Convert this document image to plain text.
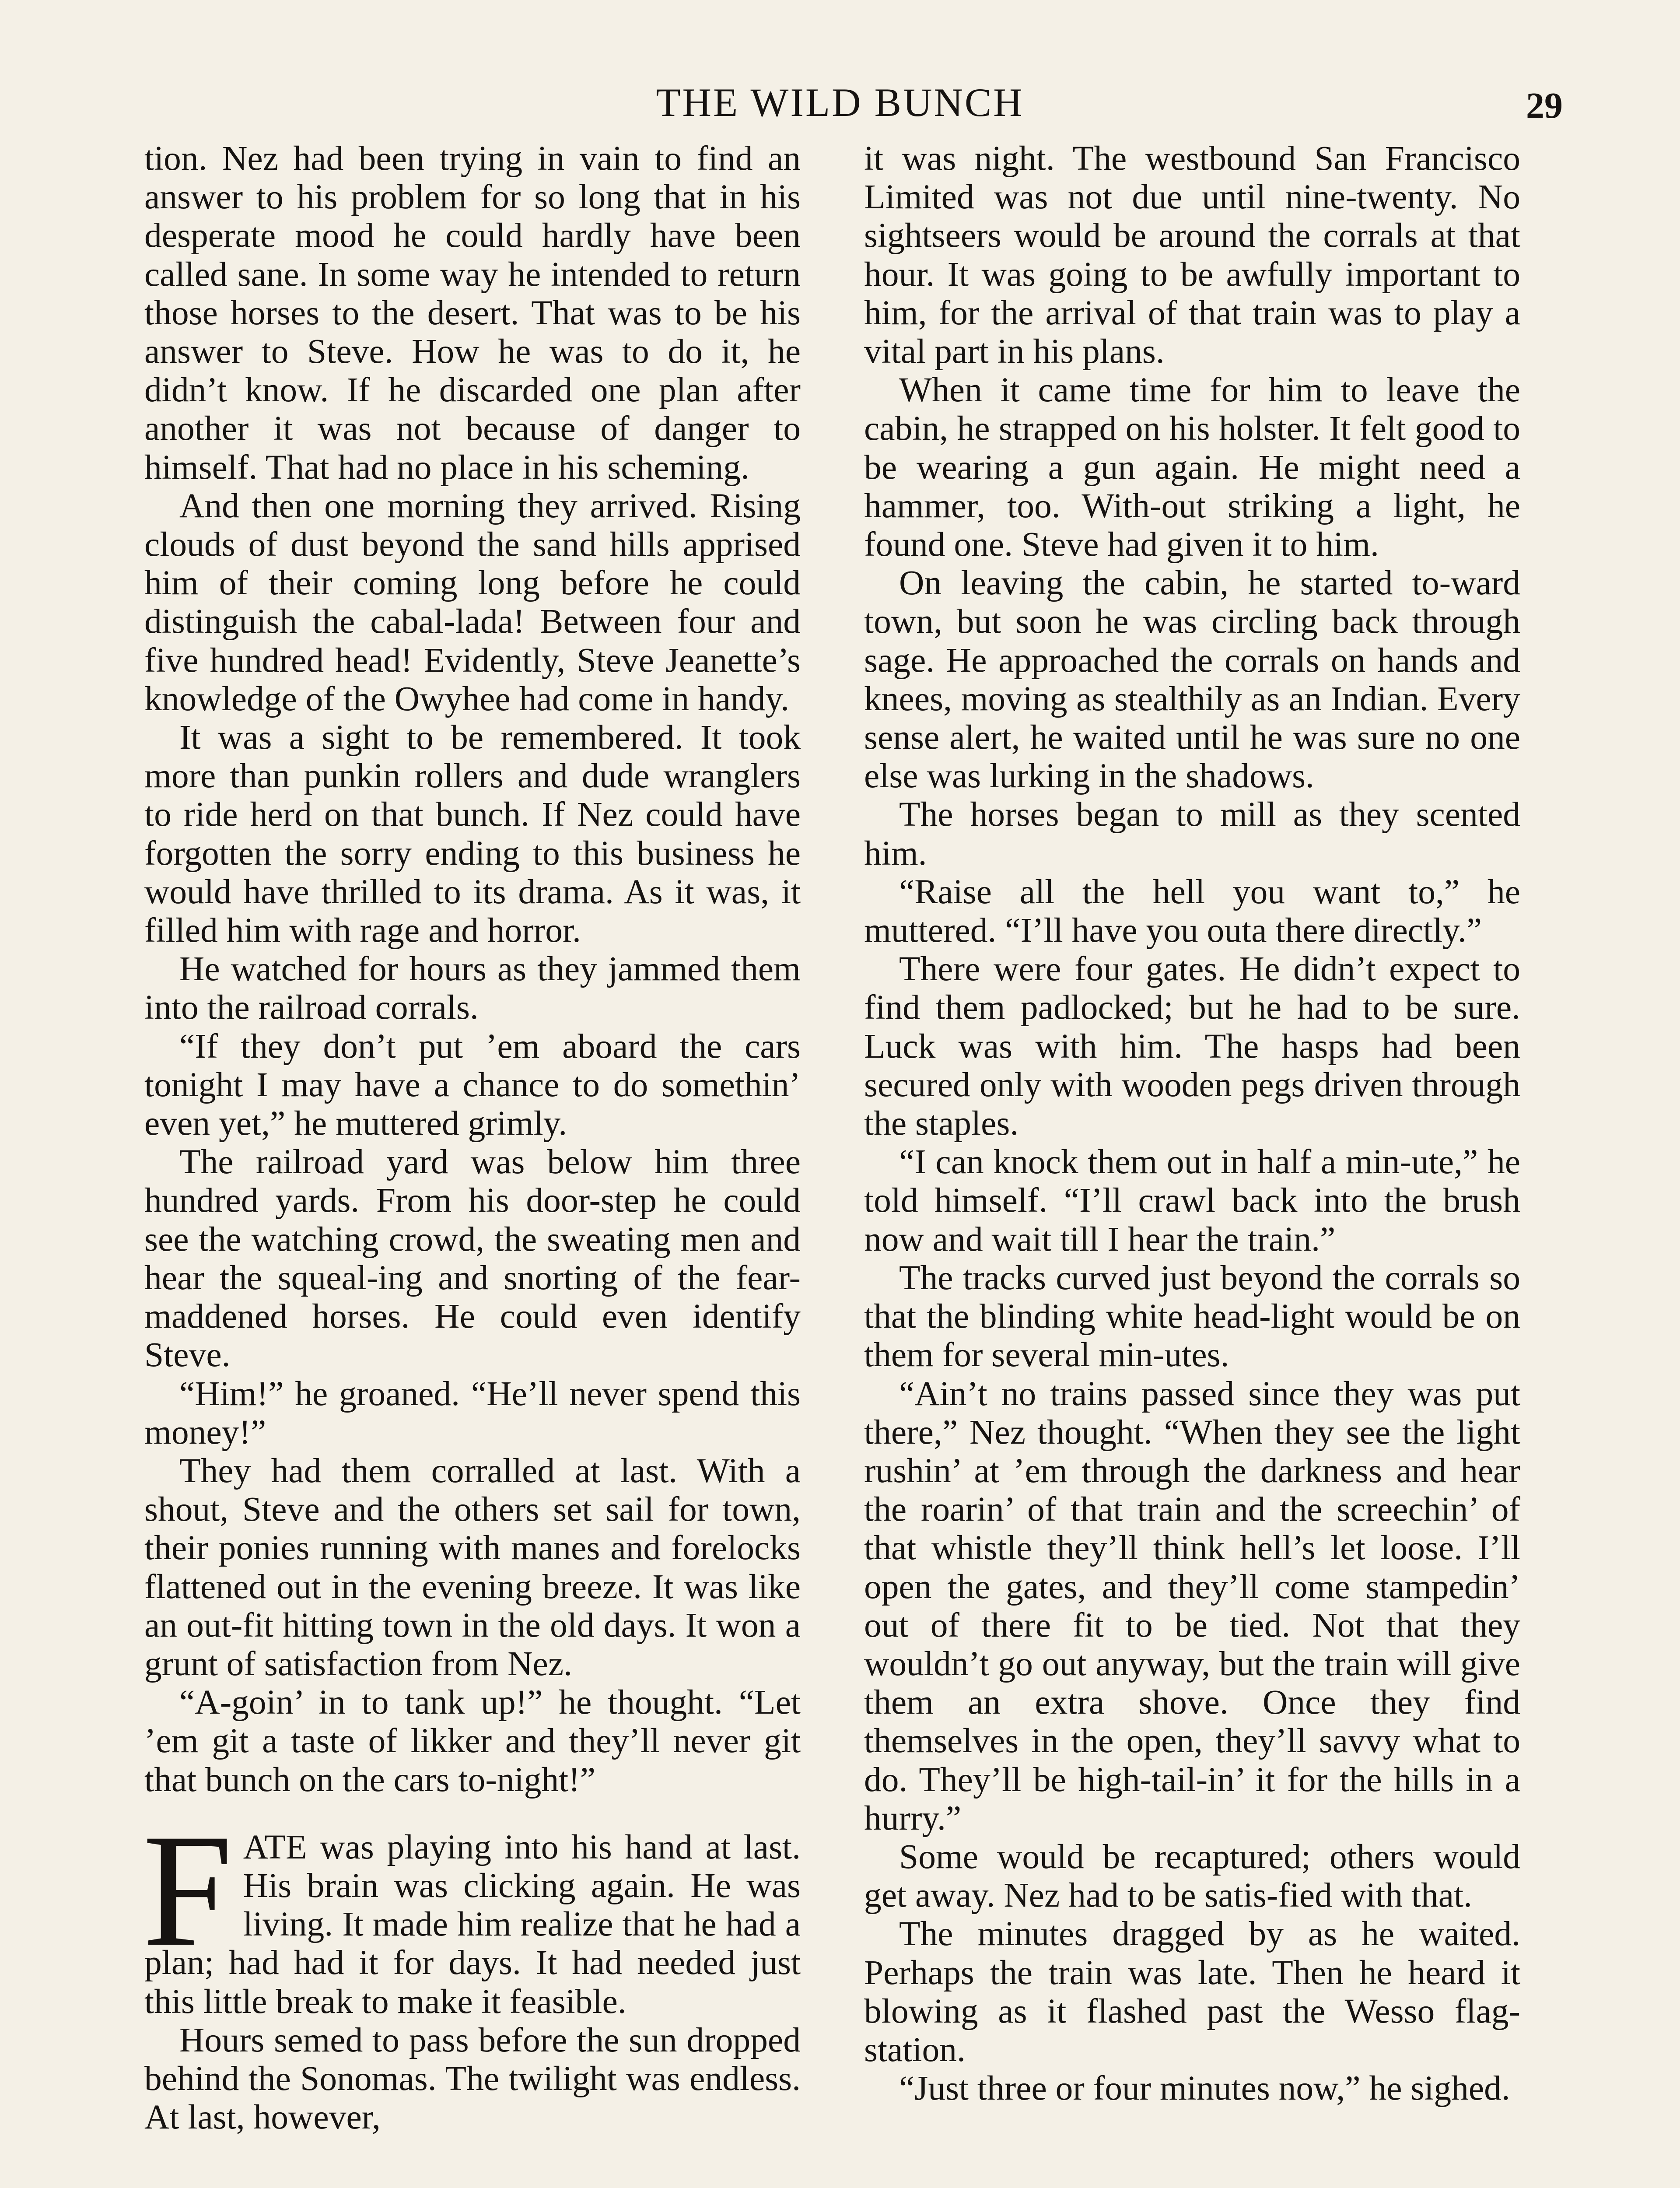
THE WILD BUNCH	29

tion. Nez had been trying in vain to find an answer to his problem for so long that in his desperate mood he could hardly have been called sane. In some way he intended to return those horses to the desert. That was to be his answer to Steve. How he was to do it, he didn’t know. If he discarded one plan after another it was not because of danger to himself. That had no place in his scheming.

And then one morning they arrived. Rising clouds of dust beyond the sand hills apprised him of their coming long before he could distinguish the cabal-lada! Between four and five hundred head! Evidently, Steve Jeanette’s knowledge of the Owyhee had come in handy.

It was a sight to be remembered. It took more than punkin rollers and dude wranglers to ride herd on that bunch. If Nez could have forgotten the sorry ending to this business he would have thrilled to its drama. As it was, it filled him with rage and horror.

He watched for hours as they jammed them into the railroad corrals.

“If they don’t put ’em aboard the cars tonight I may have a chance to do somethin’ even yet,” he muttered grimly.

The railroad yard was below him three hundred yards. From his door-step he could see the watching crowd, the sweating men and hear the squeal-ing and snorting of the fear-maddened horses. He could even identify Steve.

“Him!” he groaned. “He’ll never spend this money!”

They had them corralled at last. With a shout, Steve and the others set sail for town, their ponies running with manes and forelocks flattened out in the evening breeze. It was like an out-fit hitting town in the old days. It won a grunt of satisfaction from Nez.

“A-goin’ in to tank up!” he thought. “Let ’em git a taste of likker and they’ll never git that bunch on the cars to-night!”

FATE was playing into his hand at last. His brain was clicking again. He was living. It made him realize that he had a plan; had had it for days. It had needed just this little break to make it feasible.

Hours semed to pass before the sun dropped behind the Sonomas. The twilight was endless. At last, however,

it was night. The westbound San Francisco Limited was not due until nine-twenty. No sightseers would be around the corrals at that hour. It was going to be awfully important to him, for the arrival of that train was to play a vital part in his plans.

When it came time for him to leave the cabin, he strapped on his holster. It felt good to be wearing a gun again. He might need a hammer, too. With-out striking a light, he found one. Steve had given it to him.

On leaving the cabin, he started to-ward town, but soon he was circling back through sage. He approached the corrals on hands and knees, moving as stealthily as an Indian. Every sense alert, he waited until he was sure no one else was lurking in the shadows.

The horses began to mill as they scented him.

“Raise all the hell you want to,” he muttered. “I’ll have you outa there directly.”

There were four gates. He didn’t expect to find them padlocked; but he had to be sure. Luck was with him. The hasps had been secured only with wooden pegs driven through the staples.

“I can knock them out in half a min-ute,” he told himself. “I’ll crawl back into the brush now and wait till I hear the train.”

The tracks curved just beyond the corrals so that the blinding white head-light would be on them for several min-utes.

“Ain’t no trains passed since they was put there,” Nez thought. “When they see the light rushin’ at ’em through the darkness and hear the roarin’ of that train and the screechin’ of that whistle they’ll think hell’s let loose. I’ll open the gates, and they’ll come stampedin’ out of there fit to be tied. Not that they wouldn’t go out anyway, but the train will give them an extra shove. Once they find themselves in the open, they’ll savvy what to do. They’ll be high-tail-in’ it for the hills in a hurry.”

Some would be recaptured; others would get away. Nez had to be satis-fied with that.

The minutes dragged by as he waited. Perhaps the train was late. Then he heard it blowing as it flashed past the Wesso flag-station.

“Just three or four minutes now,” he sighed.
